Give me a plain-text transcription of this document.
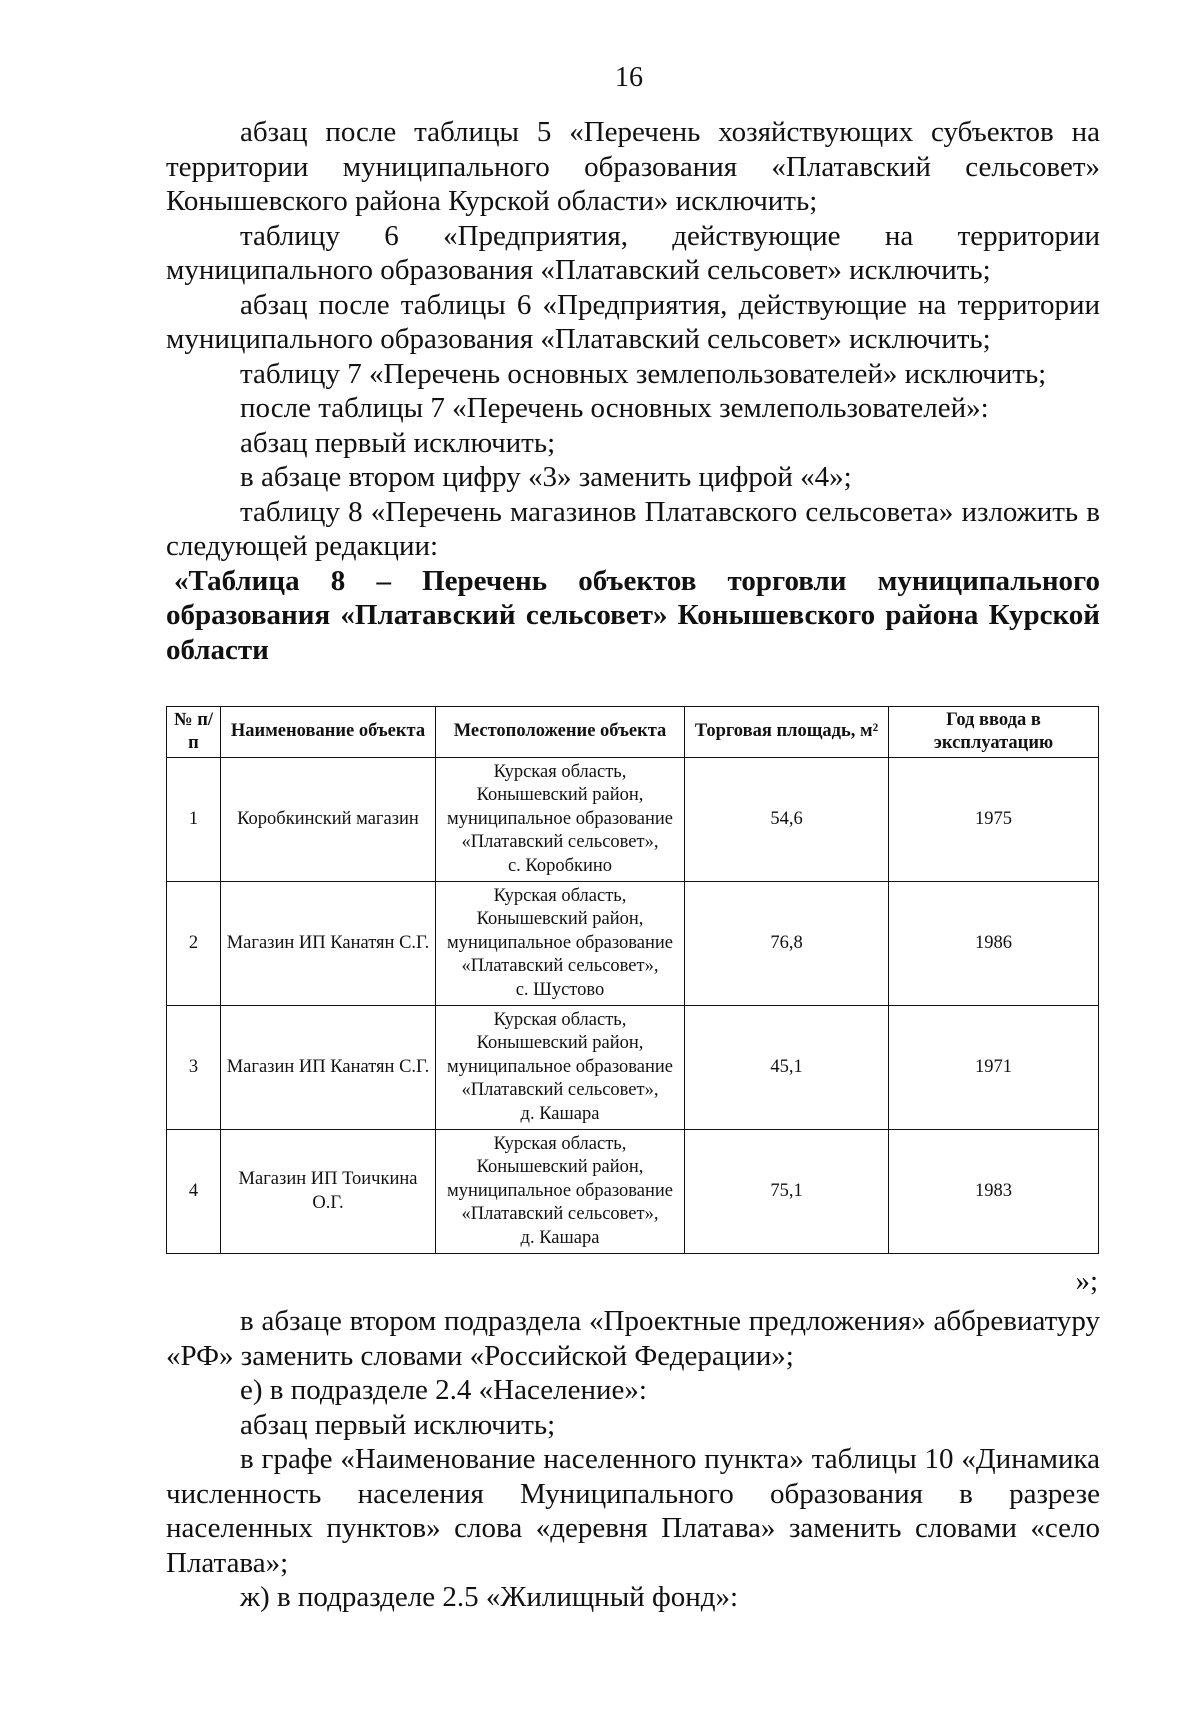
16

абзац после таблицы 5 «Перечень хозяйствующих субъектов на территории муниципального образования «Платавский сельсовет» Конышевского района Курской области» исключить;

таблицу 6 «Предприятия, действующие на территории муниципального образования «Платавский сельсовет» исключить;

абзац после таблицы 6 «Предприятия, действующие на территории муниципального образования «Платавский сельсовет» исключить;

таблицу 7 «Перечень основных землепользователей» исключить;

после таблицы 7 «Перечень основных землепользователей»:

абзац первый исключить;

в абзаце втором цифру «3» заменить цифрой «4»;

таблицу 8 «Перечень магазинов Платавского сельсовета» изложить в следующей редакции:

«Таблица 8 – Перечень объектов торговли муниципального образования «Платавский сельсовет» Конышевского района Курской области

№ п/п	Наименование объекта	Местоположение объекта	Торговая площадь, м²	Год ввода в эксплуатацию
1	Коробкинский магазин	Курская область,
Конышевский район,
муниципальное образование
«Платавский сельсовет»,
с. Коробкино	54,6	1975
2	Магазин ИП Канатян С.Г.	Курская область,
Конышевский район,
муниципальное образование
«Платавский сельсовет»,
с. Шустово	76,8	1986
3	Магазин ИП Канатян С.Г.	Курская область,
Конышевский район,
муниципальное образование
«Платавский сельсовет»,
д. Кашара	45,1	1971
4	Магазин ИП Тоичкина О.Г.	Курская область,
Конышевский район,
муниципальное образование
«Платавский сельсовет»,
д. Кашара	75,1	1983
»;

в абзаце втором подраздела «Проектные предложения» аббревиатуру «РФ» заменить словами «Российской Федерации»;

е) в подразделе 2.4 «Население»:

абзац первый исключить;

в графе «Наименование населенного пункта» таблицы 10 «Динамика численность населения Муниципального образования в разрезе населенных пунктов» слова «деревня Платава» заменить словами «село Платава»;

ж) в подразделе 2.5 «Жилищный фонд»:
